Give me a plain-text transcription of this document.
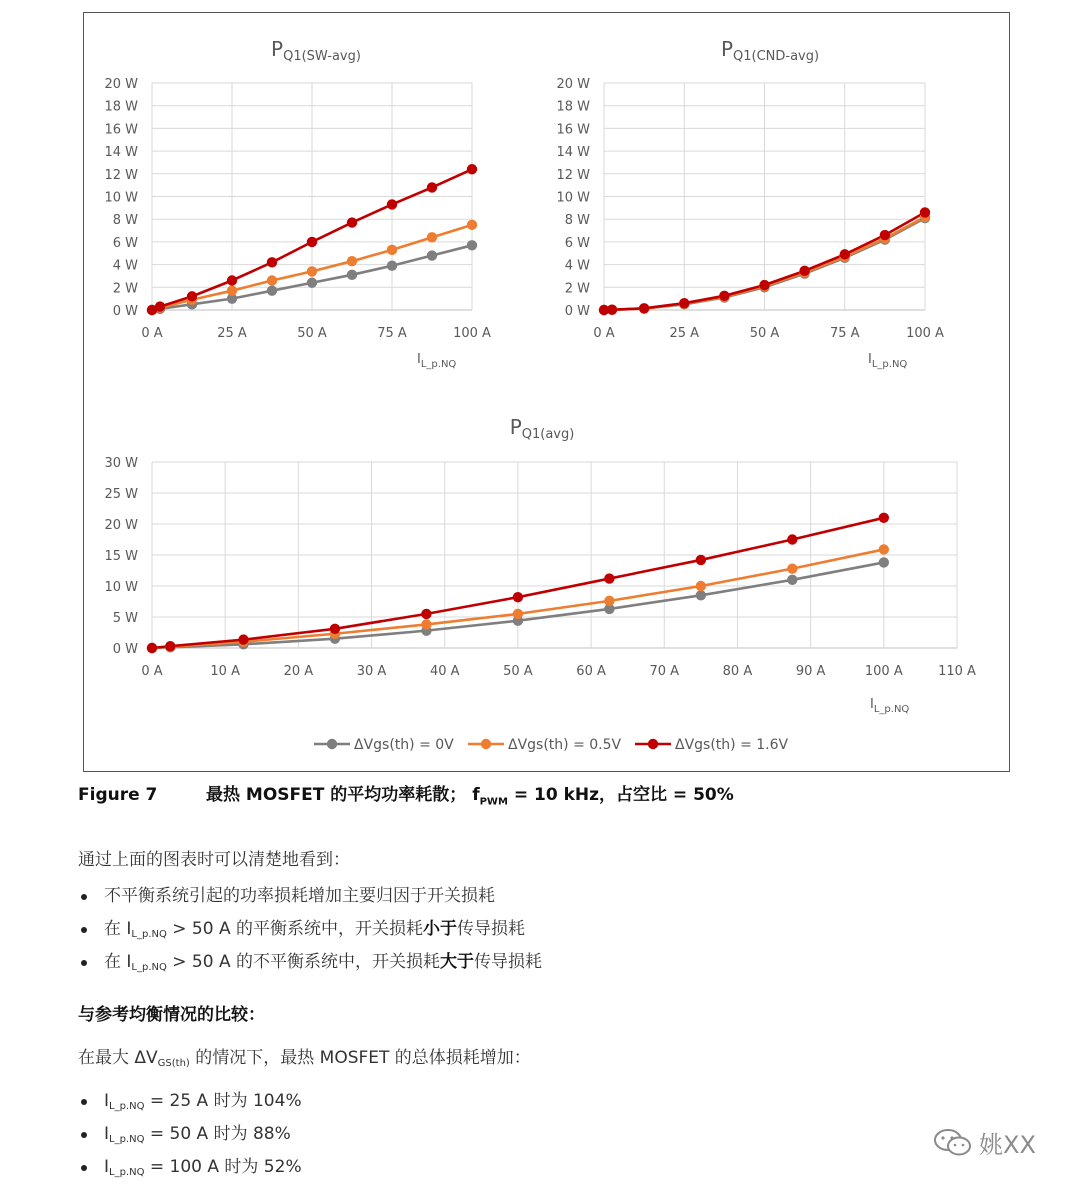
0 W
2 W
4 W
6 W
8 W
10 W
12 W
14 W
16 W
18 W
20 W
0 A	25 A	50 A	75 A	100 A
$P_{Q1(SW-avg)}$
$I_{L\_p.NQ}$
0 W
2 W
4 W
6 W
8 W
10 W
12 W
14 W
16 W
18 W
20 W
0 A	25 A	50 A	75 A	100 A
$P_{Q1(CND-avg)}$
$I_{L\_p.NQ}$
0 W
5 W
10 W
15 W
20 W
25 W
30 W
0 A	10 A	20 A	30 A	40 A	50 A	60 A	70 A	80 A	90 A	100 A	110 A
$P_{Q1(avg)}$
$I_{L\_p.NQ}$
ΔVgs(th) = 0V	ΔVgs(th) = 0.5V	ΔVgs(th) = 1.6V
Figure 7	最热 MOSFET 的平均功率耗散； $f_{PWM} = 10$ kHz，占空比 = 50%
通过上面的图表时可以清楚地看到：
不平衡系统引起的功率损耗增加主要归因于开关损耗
在 $I_{L\_p.NQ} > 50$ A 的平衡系统中，开关损耗小于传导损耗
在 $I_{L\_p.NQ} > 50$ A 的不平衡系统中，开关损耗大于传导损耗
与参考均衡情况的比较：
在最大 $\Delta V_{GS(th)}$ 的情况下，最热 MOSFET 的总体损耗增加：
$I_{L\_p.NQ} = 25$ A 时为 104%
$I_{L\_p.NQ} = 50$ A 时为 88%
$I_{L\_p.NQ} = 100$ A 时为 52%
姚XX
